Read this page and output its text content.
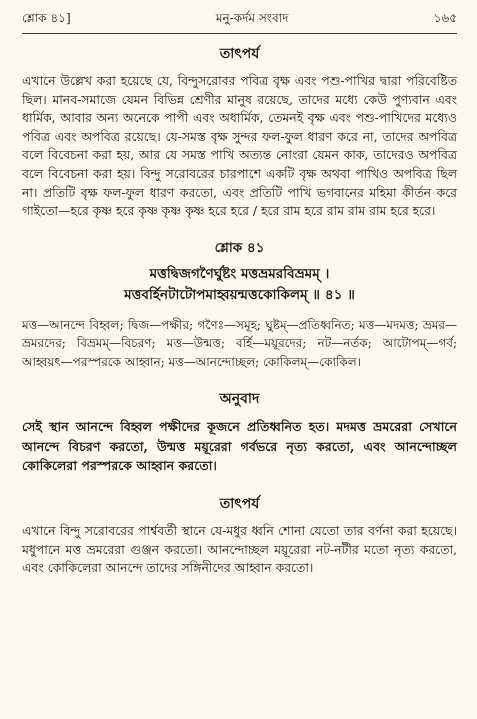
শ্লোক ৪১]	মনু-কর্দম সংবাদ	১৬৫
তাৎপর্য

এখানে উল্লেখ করা হয়েছে যে, বিন্দুসরোবর পবিত্র বৃক্ষ এবং পশু-পাখির দ্বারা পরিবেষ্টিত ছিল। মানব-সমাজে যেমন বিভিন্ন শ্রেণীর মানুষ রয়েছে, তাদের মধ্যে কেউ পুণ্যবান এবং ধার্মিক, আবার অন্য অনেকে পাপী এবং অধার্মিক, তেমনই বৃক্ষ এবং পশু-পাখিদের মধ্যেও পবিত্র এবং অপবিত্র রয়েছে। যে-সমস্ত বৃক্ষ সুন্দর ফল-ফুল ধারণ করে না, তাদের অপবিত্র বলে বিবেচনা করা হয়, আর যে সমস্ত পাখি অত্যন্ত নোংরা যেমন কাক, তাদেরও অপবিত্র বলে বিবেচনা করা হয়। বিন্দু সরোবরের চারপাশে একটি বৃক্ষ অথবা পাখিও অপবিত্র ছিল না। প্রতিটি বৃক্ষ ফল-ফুল ধারণ করতো, এবং প্রতিটি পাখি ভগবানের মহিমা কীর্তন করে গাইতো—হরে কৃষ্ণ হরে কৃষ্ণ কৃষ্ণ কৃষ্ণ হরে হরে / হরে রাম হরে রাম রাম রাম হরে হরে।

শ্লোক ৪১

মত্তদ্বিজগণৈর্ঘুষ্টং মত্তভ্রমরবিভ্রমম্ ।

মত্তবর্হিনটাটোপমাহ্বয়ন্মত্তকোকিলম্ ॥ ৪১ ॥

মত্ত—আনন্দে বিহ্বল; দ্বিজ—পক্ষীর; গণৈঃ—সমূহ; ঘুষ্টম্—প্রতিধ্বনিত; মত্ত—মদমত্ত; ভ্রমর—ভ্রমরদের; বিভ্রমম্—বিচরণ; মত্ত—উন্মত্ত; বর্হি—ময়ূরদের; নট—নর্তক; আটোপম্—গর্ব; আহ্বয়ৎ—পরস্পরকে আহ্বান; মত্ত—আনন্দোচ্ছল; কোকিলম্—কোকিল।

অনুবাদ

সেই স্থান আনন্দে বিহ্বল পক্ষীদের কূজনে প্রতিধ্বনিত হত। মদমত্ত ভ্রমরেরা সেখানে আনন্দে বিচরণ করতো, উন্মত্ত ময়ূরেরা গর্বভরে নৃত্য করতো, এবং আনন্দোচ্ছল কোকিলেরা পরস্পরকে আহ্বান করতো।

তাৎপর্য

এখানে বিন্দু সরোবরের পার্শ্ববর্তী স্থানে যে-মধুর ধ্বনি শোনা যেতো তার বর্ণনা করা হয়েছে। মধুপানে মত্ত ভ্রমরেরা গুঞ্জন করতো। আনন্দোচ্ছল ময়ূরেরা নট-নটীর মতো নৃত্য করতো, এবং কোকিলেরা আনন্দে তাদের সঙ্গিনীদের আহ্বান করতো।
